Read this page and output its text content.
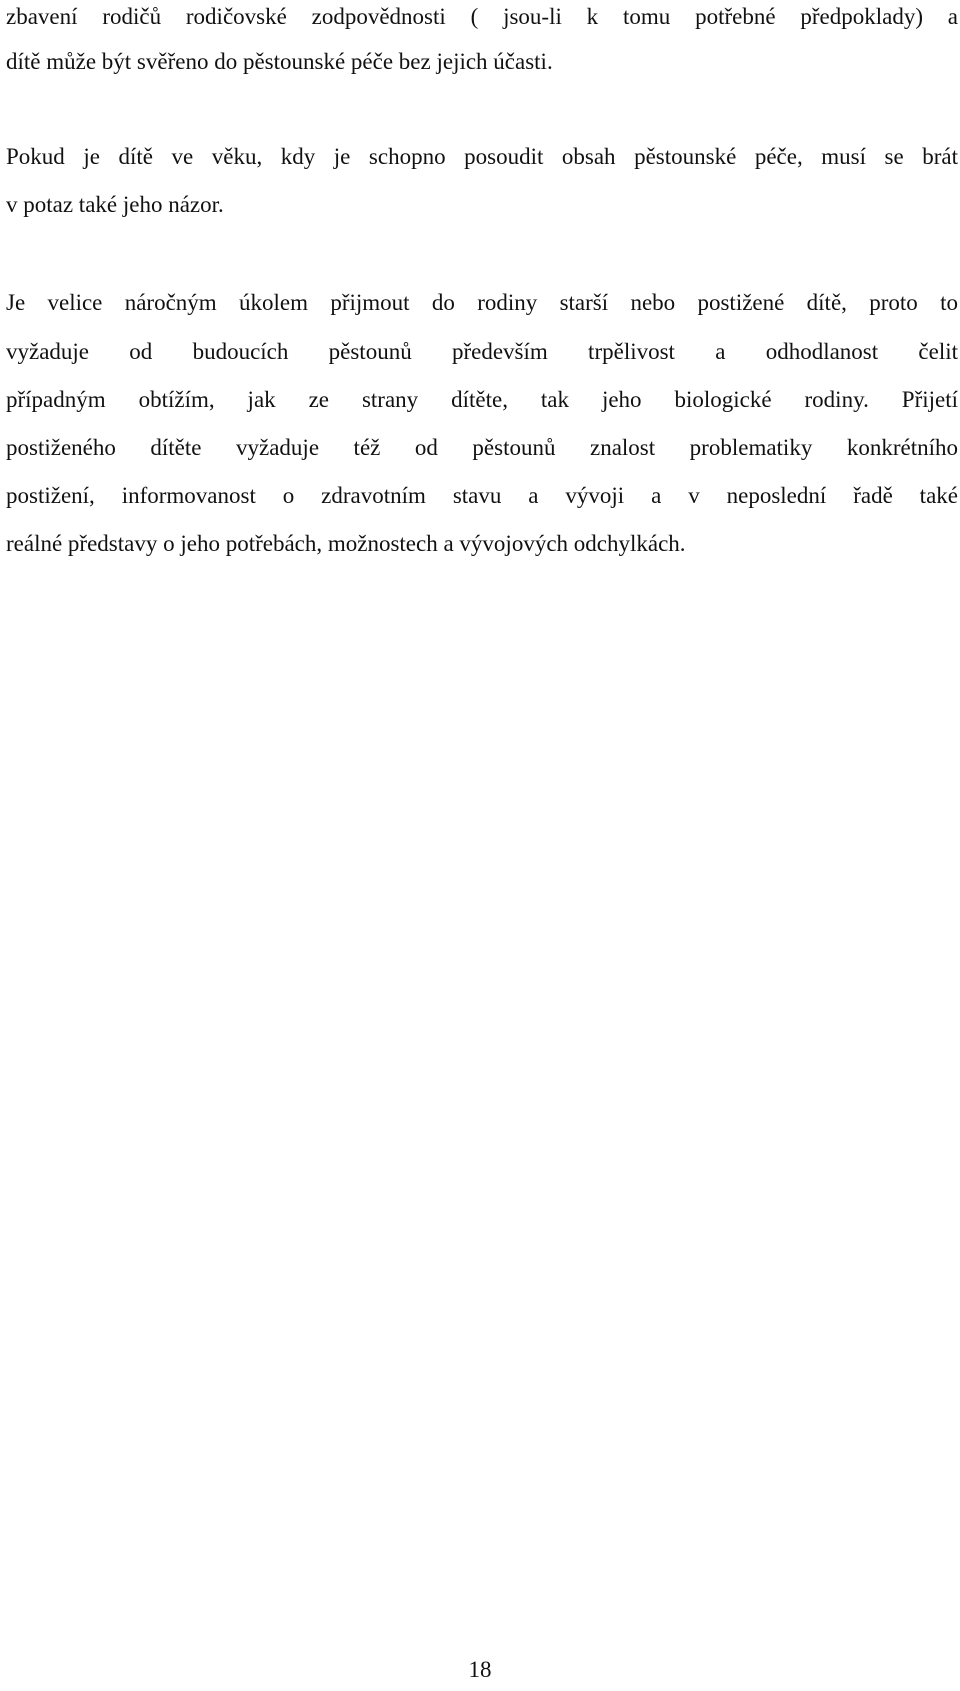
zbavení rodičů rodičovské zodpovědnosti ( jsou-li k tomu potřebné předpoklady) a
dítě může být svěřeno do pěstounské péče bez jejich účasti.
Pokud je dítě ve věku, kdy je schopno posoudit obsah pěstounské péče, musí se brát
v potaz také jeho názor.
Je velice náročným úkolem přijmout do rodiny starší nebo postižené dítě, proto to
vyžaduje od budoucích pěstounů především trpělivost a odhodlanost čelit
případným obtížím, jak ze strany dítěte, tak jeho biologické rodiny. Přijetí
postiženého dítěte vyžaduje též od pěstounů znalost problematiky konkrétního
postižení, informovanost o zdravotním stavu a vývoji a v neposlední řadě také
reálné představy o jeho potřebách, možnostech a vývojových odchylkách.
18
